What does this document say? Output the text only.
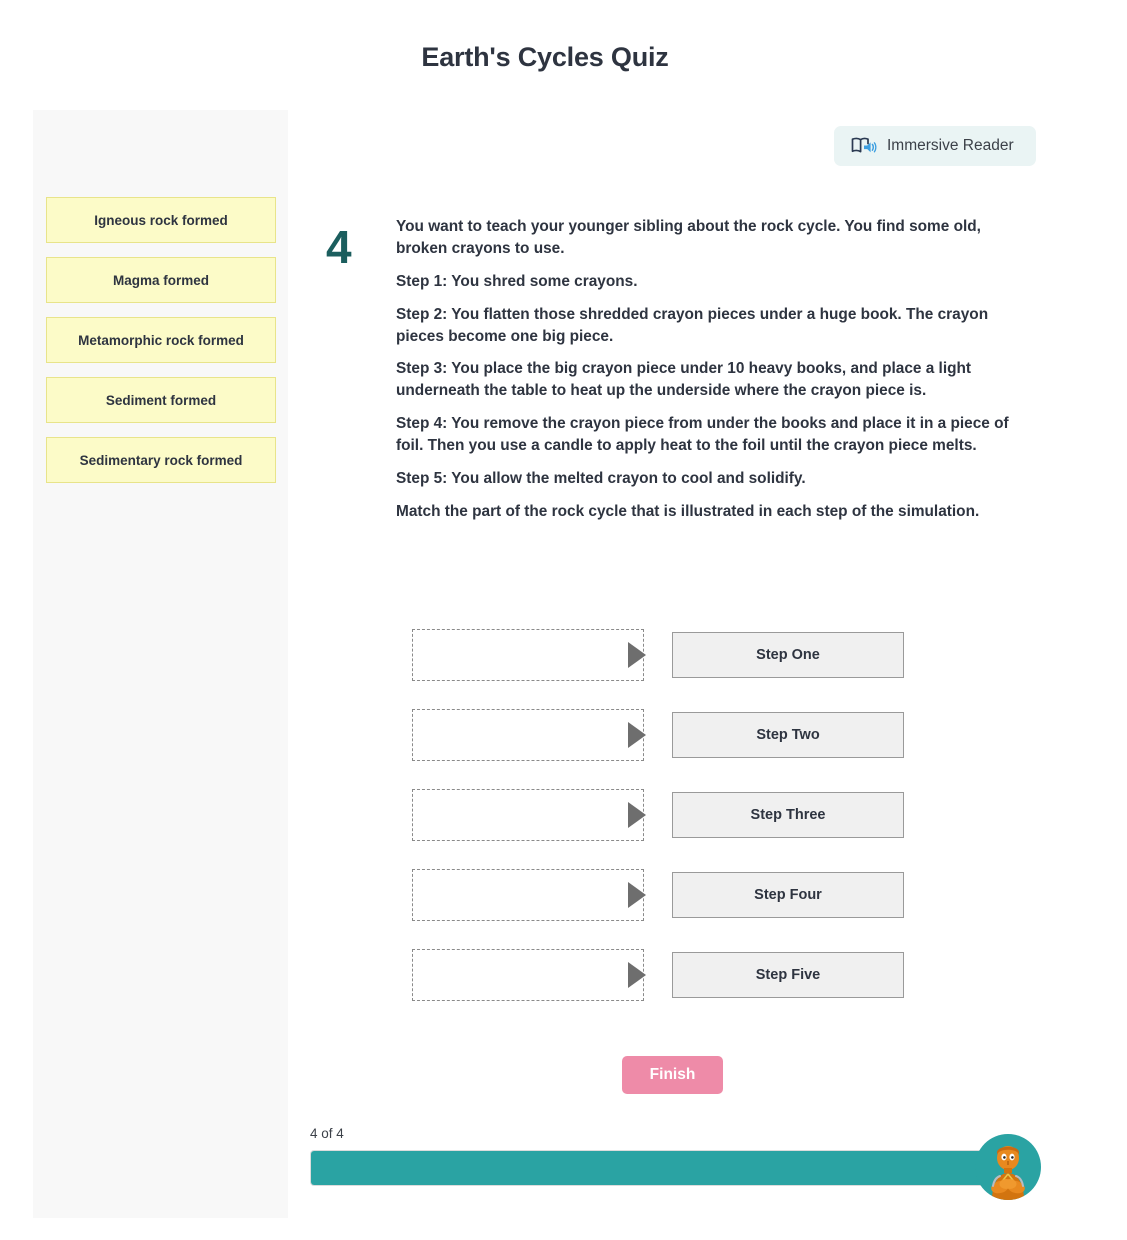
Earth's Cycles Quiz
Igneous rock formed
Magma formed
Metamorphic rock formed
Sediment formed
Sedimentary rock formed
Immersive Reader
4	You want to teach your younger sibling about the rock cycle. You find some old, broken crayons to use.

Step 1: You shred some crayons.

Step 2: You flatten those shredded crayon pieces under a huge book. The crayon pieces become one big piece.

Step 3: You place the big crayon piece under 10 heavy books, and place a light underneath the table to heat up the underside where the crayon piece is.

Step 4: You remove the crayon piece from under the books and place it in a piece of foil. Then you use a candle to apply heat to the foil until the crayon piece melts.

Step 5: You allow the melted crayon to cool and solidify.

Match the part of the rock cycle that is illustrated in each step of the simulation.

Step One
Step Two
Step Three
Step Four
Step Five
Finish
4 of 4
